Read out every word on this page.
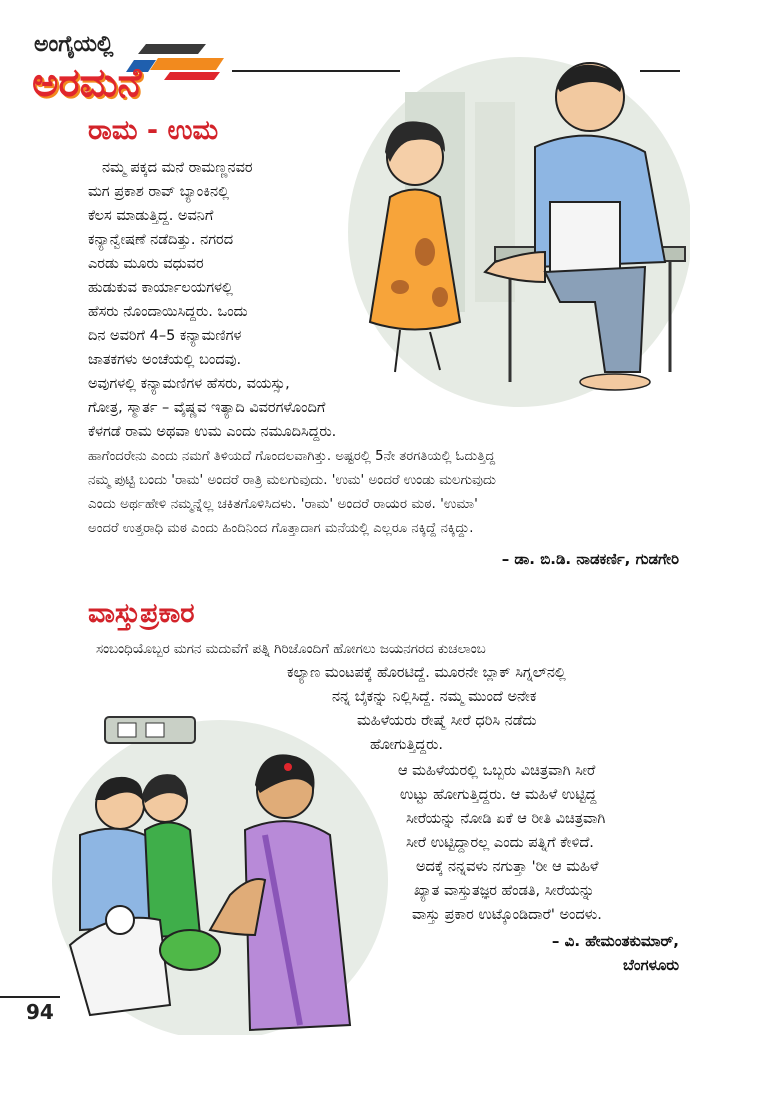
ಅಂಗೈಯಲ್ಲಿ
ಅರಮನೆ
ರಾಮ - ಉಮ
ನಮ್ಮ ಪಕ್ಕದ ಮನೆ ರಾಮಣ್ಣನವರ
ಮಗ ಪ್ರಕಾಶ ರಾವ್ ಬ್ಯಾಂಕಿನಲ್ಲಿ
ಕೆಲಸ ಮಾಡುತ್ತಿದ್ದ. ಅವನಿಗೆ
ಕನ್ಯಾನ್ವೇಷಣೆ ನಡೆದಿತ್ತು. ನಗರದ
ಎರಡು ಮೂರು ವಧುವರ
ಹುಡುಕುವ ಕಾರ್ಯಾಲಯಗಳಲ್ಲಿ
ಹೆಸರು ನೊಂದಾಯಿಸಿದ್ದರು. ಒಂದು
ದಿನ ಅವರಿಗೆ 4–5 ಕನ್ಯಾಮಣಿಗಳ
ಜಾತಕಗಳು ಅಂಚೆಯಲ್ಲಿ ಬಂದವು.
ಅವುಗಳಲ್ಲಿ ಕನ್ಯಾಮಣಿಗಳ ಹೆಸರು, ವಯಸ್ಸು,
ಗೋತ್ರ, ಸ್ಮಾರ್ತ – ವೈಷ್ಣವ ಇತ್ಯಾದಿ ವಿವರಗಳೊಂದಿಗೆ
ಕೆಳಗಡೆ ರಾಮ ಅಥವಾ ಉಮ ಎಂದು ನಮೂದಿಸಿದ್ದರು.
ಹಾಗೆಂದರೇನು ಎಂದು ನಮಗೆ ತಿಳಿಯದೆ ಗೊಂದಲವಾಗಿತ್ತು. ಅಷ್ಟರಲ್ಲಿ 5ನೇ ತರಗತಿಯಲ್ಲಿ ಓದುತ್ತಿದ್ದ
ನಮ್ಮ ಪುಟ್ಟಿ ಬಂದು 'ರಾಮ' ಅಂದರೆ ರಾತ್ರಿ ಮಲಗುವುದು. 'ಉಮ' ಅಂದರೆ ಉಂಡು ಮಲಗುವುದು
ಎಂದು ಅರ್ಥಹೇಳಿ ನಮ್ಮನ್ನೆಲ್ಲ ಚಕಿತಗೊಳಿಸಿದಳು. 'ರಾಮ' ಅಂದರೆ ರಾಯರ ಮಠ. 'ಉಮಾ'
ಅಂದರೆ ಉತ್ತರಾಧಿ ಮಠ ಎಂದು ಹಿಂದಿನಿಂದ ಗೊತ್ತಾದಾಗ ಮನೆಯಲ್ಲಿ ಎಲ್ಲರೂ ನಕ್ಕಿದ್ದೆ ನಕ್ಕಿದ್ದು.
– ಡಾ. ಬಿ.ಡಿ. ನಾಡಕರ್ಣಿ, ಗುಡಗೇರಿ
ವಾಸ್ತುಪ್ರಕಾರ
ಸಂಬಂಧಿಯೊಬ್ಬರ ಮಗನ ಮದುವೆಗೆ ಪತ್ನಿ ಗಿರಿಜೊಂದಿಗೆ ಹೋಗಲು ಜಯನಗರದ ಕುಚಲಾಂಬ
ಕಲ್ಯಾಣ ಮಂಟಪಕ್ಕೆ ಹೊರಟಿದ್ದೆ. ಮೂರನೇ ಬ್ಲಾಕ್ ಸಿಗ್ನಲ್‌ನಲ್ಲಿ
ನನ್ನ ಬೈಕನ್ನು ನಿಲ್ಲಿಸಿದ್ದೆ. ನಮ್ಮ ಮುಂದೆ ಅನೇಕ
ಮಹಿಳೆಯರು ರೇಷ್ಮೆ ಸೀರೆ ಧರಿಸಿ ನಡೆದು
ಹೋಗುತ್ತಿದ್ದರು.
ಆ ಮಹಿಳೆಯರಲ್ಲಿ ಒಬ್ಬರು ವಿಚಿತ್ರವಾಗಿ ಸೀರೆ
ಉಟ್ಟು ಹೋಗುತ್ತಿದ್ದರು. ಆ ಮಹಿಳೆ ಉಟ್ಟಿದ್ದ
ಸೀರೆಯನ್ನು ನೋಡಿ ಏಕೆ ಆ ರೀತಿ ವಿಚಿತ್ರವಾಗಿ
ಸೀರೆ ಉಟ್ಟಿದ್ದಾರಲ್ಲ ಎಂದು ಪತ್ನಿಗೆ ಕೇಳಿದೆ.
ಅದಕ್ಕೆ ನನ್ನವಳು ನಗುತ್ತಾ 'ರೀ ಆ ಮಹಿಳೆ
ಖ್ಯಾತ ವಾಸ್ತುತಜ್ಞರ ಹೆಂಡತಿ, ಸೀರೆಯನ್ನು
ವಾಸ್ತು ಪ್ರಕಾರ ಉಟ್ಕೊಂಡಿದಾರೆ' ಅಂದಳು.
– ವಿ. ಹೇಮಂತಕುಮಾರ್,
ಬೆಂಗಳೂರು
94
